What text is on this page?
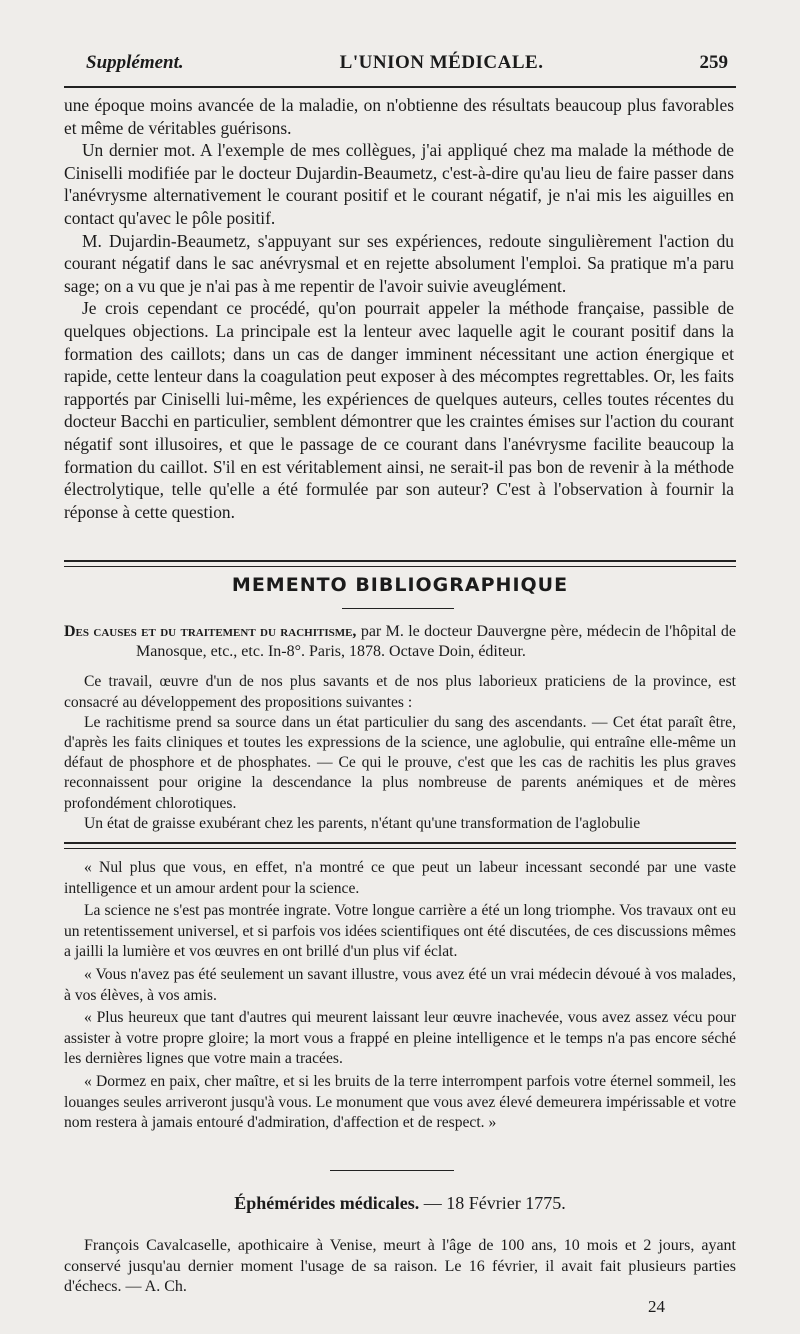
Supplément.	L'UNION MÉDICALE.	259

une époque moins avancée de la maladie, on n'obtienne des résultats beaucoup plus favorables et même de véritables guérisons.

Un dernier mot. A l'exemple de mes collègues, j'ai appliqué chez ma malade la méthode de Ciniselli modifiée par le docteur Dujardin-Beaumetz, c'est-à-dire qu'au lieu de faire passer dans l'anévrysme alternativement le courant positif et le courant négatif, je n'ai mis les aiguilles en contact qu'avec le pôle positif.

M. Dujardin-Beaumetz, s'appuyant sur ses expériences, redoute singulièrement l'action du courant négatif dans le sac anévrysmal et en rejette absolument l'emploi. Sa pratique m'a paru sage; on a vu que je n'ai pas à me repentir de l'avoir suivie aveuglément.

Je crois cependant ce procédé, qu'on pourrait appeler la méthode française, passible de quelques objections. La principale est la lenteur avec laquelle agit le courant positif dans la formation des caillots; dans un cas de danger imminent nécessitant une action énergique et rapide, cette lenteur dans la coagulation peut exposer à des mécomptes regrettables. Or, les faits rapportés par Ciniselli lui-même, les expériences de quelques auteurs, celles toutes récentes du docteur Bacchi en particulier, semblent démontrer que les craintes émises sur l'action du courant négatif sont illusoires, et que le passage de ce courant dans l'anévrysme facilite beaucoup la formation du caillot. S'il en est véritablement ainsi, ne serait-il pas bon de revenir à la méthode électrolytique, telle qu'elle a été formulée par son auteur? C'est à l'observation à fournir la réponse à cette question.

MEMENTO BIBLIOGRAPHIQUE

Des causes et du traitement du rachitisme, par M. le docteur Dauvergne père, médecin de l'hôpital de Manosque, etc., etc. In-8°. Paris, 1878. Octave Doin, éditeur.

Ce travail, œuvre d'un de nos plus savants et de nos plus laborieux praticiens de la province, est consacré au développement des propositions suivantes :

Le rachitisme prend sa source dans un état particulier du sang des ascendants. — Cet état paraît être, d'après les faits cliniques et toutes les expressions de la science, une aglobulie, qui entraîne elle-même un défaut de phosphore et de phosphates. — Ce qui le prouve, c'est que les cas de rachitis les plus graves reconnaissent pour origine la descendance la plus nombreuse de parents anémiques et de mères profondément chlorotiques.

Un état de graisse exubérant chez les parents, n'étant qu'une transformation de l'aglobulie

« Nul plus que vous, en effet, n'a montré ce que peut un labeur incessant secondé par une vaste intelligence et un amour ardent pour la science.

La science ne s'est pas montrée ingrate. Votre longue carrière a été un long triomphe. Vos travaux ont eu un retentissement universel, et si parfois vos idées scientifiques ont été discutées, de ces discussions mêmes a jailli la lumière et vos œuvres en ont brillé d'un plus vif éclat.

« Vous n'avez pas été seulement un savant illustre, vous avez été un vrai médecin dévoué à vos malades, à vos élèves, à vos amis.

« Plus heureux que tant d'autres qui meurent laissant leur œuvre inachevée, vous avez assez vécu pour assister à votre propre gloire; la mort vous a frappé en pleine intelligence et le temps n'a pas encore séché les dernières lignes que votre main a tracées.

« Dormez en paix, cher maître, et si les bruits de la terre interrompent parfois votre éternel sommeil, les louanges seules arriveront jusqu'à vous. Le monument que vous avez élevé demeurera impérissable et votre nom restera à jamais entouré d'admiration, d'affection et de respect. »

Éphémérides médicales. — 18 Février 1775.

François Cavalcaselle, apothicaire à Venise, meurt à l'âge de 100 ans, 10 mois et 2 jours, ayant conservé jusqu'au dernier moment l'usage de sa raison. Le 16 février, il avait fait plusieurs parties d'échecs. — A. Ch.

24
